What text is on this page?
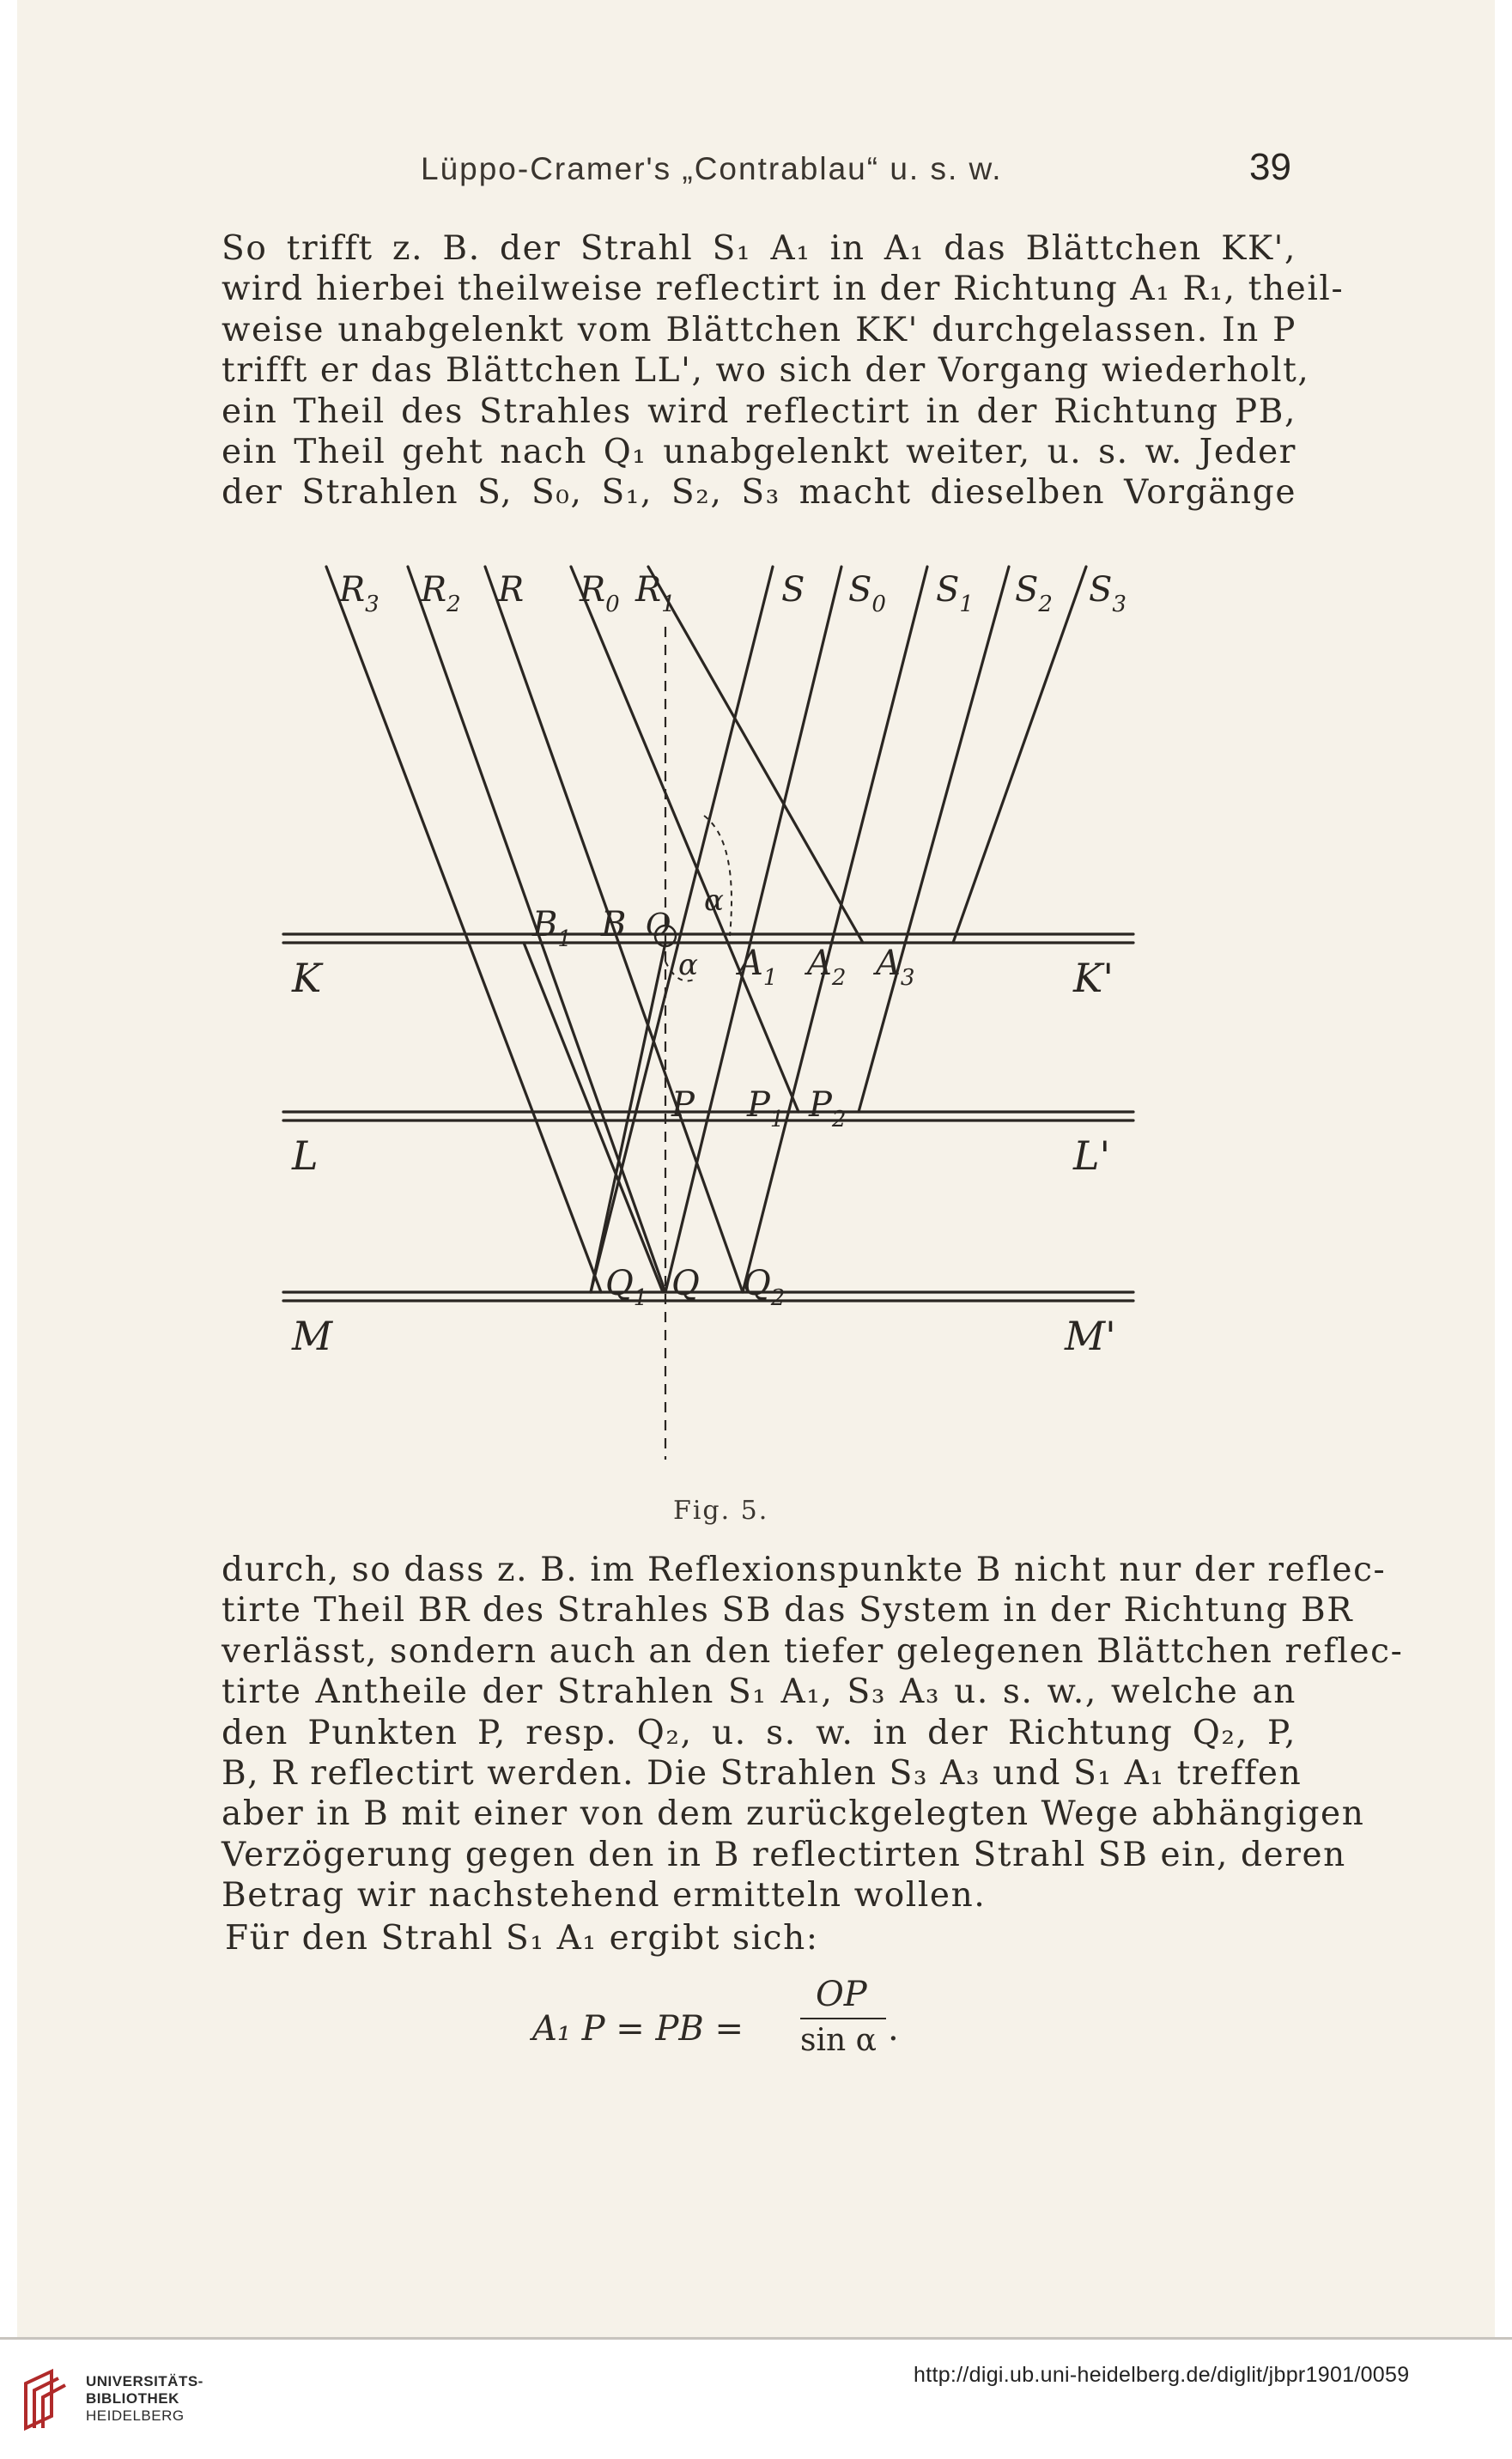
Lüppo-Cramer's „Contrablau“ u. s. w.	39
So trifft z. B. der Strahl S₁ A₁ in A₁ das Blättchen KK',
wird hierbei theilweise reflectirt in der Richtung A₁ R₁, theil-
weise unabgelenkt vom Blättchen KK' durchgelassen. In P
trifft er das Blättchen LL', wo sich der Vorgang wiederholt,
ein Theil des Strahles wird reflectirt in der Richtung PB,
ein Theil geht nach Q₁ unabgelenkt weiter, u. s. w. Jeder
der Strahlen S, S₀, S₁, S₂, S₃ macht dieselben Vorgänge
$R_3$ $R_2$ R $R_0$ $R_1$	S $S_0$ $S_1$ $S_2$ $S_3$
K	K'
L	L'
M	M'
$B_1$ B O
$A_1$ $A_2$ $A_3$
α
α
P $P_1$ $P_2$
$Q_1$ Q $Q_2$
Fig. 5.
durch, so dass z. B. im Reflexionspunkte B nicht nur der reflec-
tirte Theil BR des Strahles SB das System in der Richtung BR
verlässt, sondern auch an den tiefer gelegenen Blättchen reflec-
tirte Antheile der Strahlen S₁ A₁, S₃ A₃ u. s. w., welche an
den Punkten P, resp. Q₂, u. s. w. in der Richtung Q₂, P,
B, R reflectirt werden. Die Strahlen S₃ A₃ und S₁ A₁ treffen
aber in B mit einer von dem zurückgelegten Wege abhängigen
Verzögerung gegen den in B reflectirten Strahl SB ein, deren
Betrag wir nachstehend ermitteln wollen.
Für den Strahl S₁ A₁ ergibt sich:
A₁ P = PB =
OP
sin α .
UNIVERSITÄTS-
BIBLIOTHEK
HEIDELBERG
http://digi.ub.uni-heidelberg.de/diglit/jbpr1901/0059
